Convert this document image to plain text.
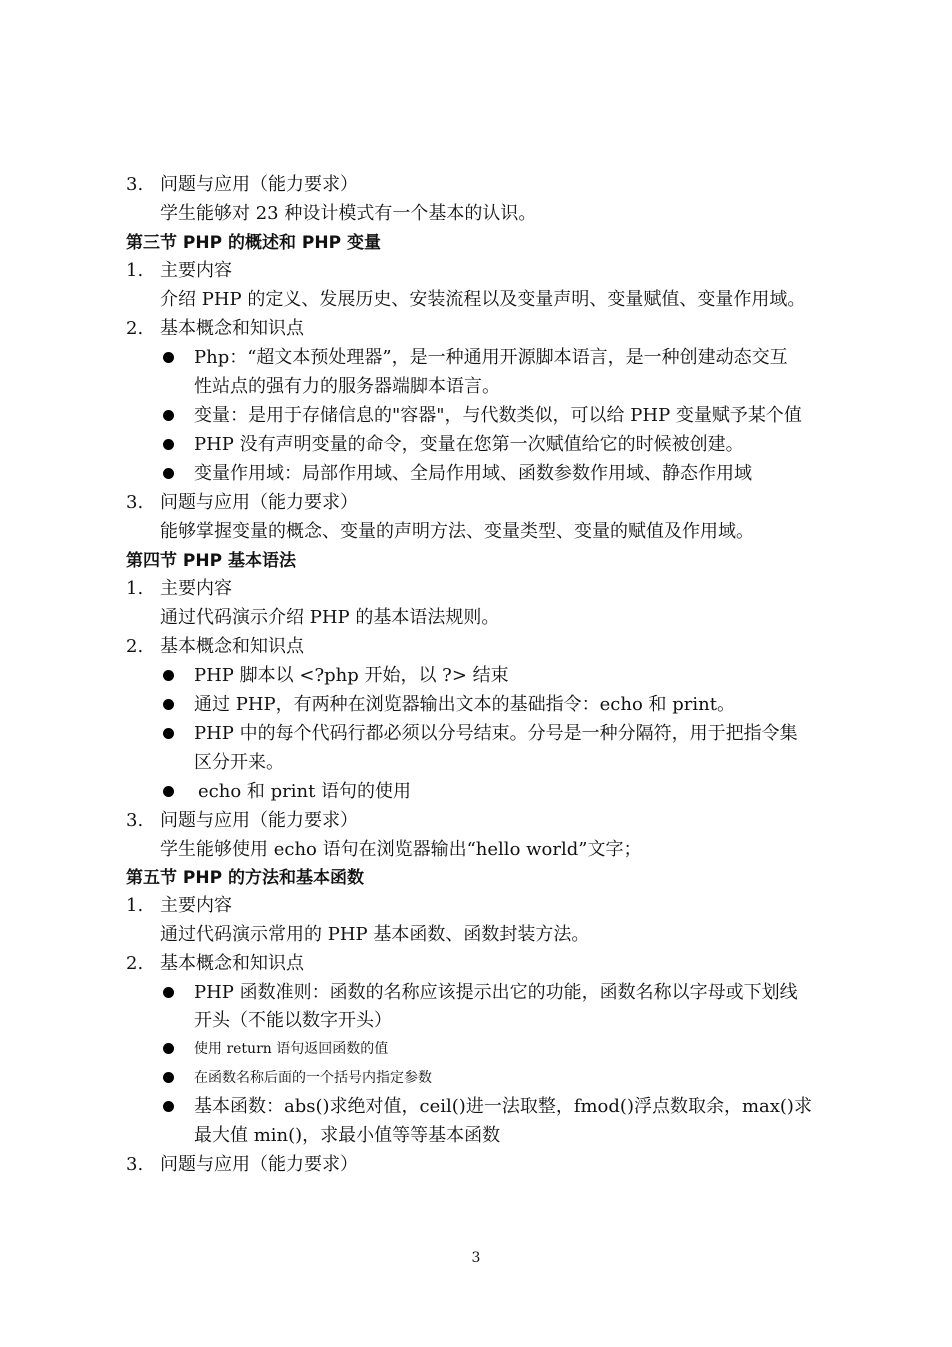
3. 问题与应用（能力要求）
学生能够对 23 种设计模式有一个基本的认识。
第三节 PHP 的概述和 PHP 变量
1. 主要内容
介绍 PHP 的定义、发展历史、安装流程以及变量声明、变量赋值、变量作用域。
2. 基本概念和知识点
Php：“超文本预处理器”，是一种通用开源脚本语言，是一种创建动态交互
性站点的强有力的服务器端脚本语言。
变量：是用于存储信息的"容器"，与代数类似，可以给 PHP 变量赋予某个值
PHP 没有声明变量的命令，变量在您第一次赋值给它的时候被创建。
变量作用域：局部作用域、全局作用域、函数参数作用域、静态作用域
3. 问题与应用（能力要求）
能够掌握变量的概念、变量的声明方法、变量类型、变量的赋值及作用域。
第四节 PHP 基本语法
1. 主要内容
通过代码演示介绍 PHP 的基本语法规则。
2. 基本概念和知识点
PHP 脚本以 <?php 开始，以 ?> 结束
通过 PHP，有两种在浏览器输出文本的基础指令：echo 和 print。
PHP 中的每个代码行都必须以分号结束。分号是一种分隔符，用于把指令集
区分开来。
echo 和 print 语句的使用
3. 问题与应用（能力要求）
学生能够使用 echo 语句在浏览器输出“hello world”文字；
第五节 PHP 的方法和基本函数
1. 主要内容
通过代码演示常用的 PHP 基本函数、函数封装方法。
2. 基本概念和知识点
PHP 函数准则：函数的名称应该提示出它的功能，函数名称以字母或下划线
开头（不能以数字开头）
使用 return 语句返回函数的值
在函数名称后面的一个括号内指定参数
基本函数：abs()求绝对值，ceil()进一法取整，fmod()浮点数取余，max()求
最大值 min()，求最小值等等基本函数
3. 问题与应用（能力要求）
3
